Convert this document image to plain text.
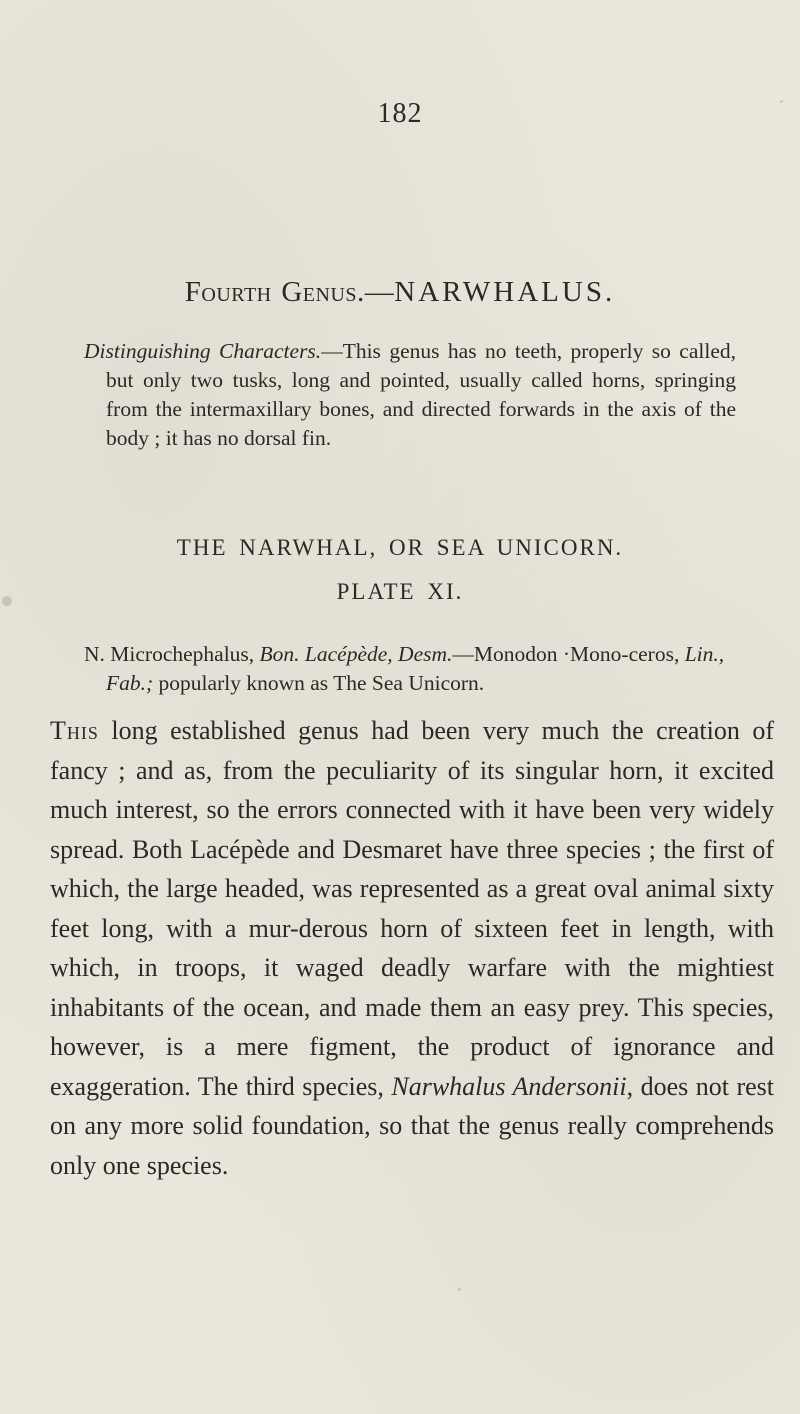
182
Fourth Genus.—NARWHALUS.
Distinguishing Characters.—This genus has no teeth, properly so called, but only two tusks, long and pointed, usually called horns, springing from the intermaxillary bones, and directed forwards in the axis of the body ; it has no dorsal fin.
THE NARWHAL, OR SEA UNICORN.
PLATE XI.
N. Microchephalus, Bon. Lacépède, Desm.—Monodon ·Mono-ceros, Lin., Fab.; popularly known as The Sea Unicorn.
This long established genus had been very much the creation of fancy ; and as, from the peculiarity of its singular horn, it excited much interest, so the errors connected with it have been very widely spread. Both Lacépède and Desmaret have three species ; the first of which, the large headed, was represented as a great oval animal sixty feet long, with a mur-derous horn of sixteen feet in length, with which, in troops, it waged deadly warfare with the mightiest inhabitants of the ocean, and made them an easy prey. This species, however, is a mere figment, the product of ignorance and exaggeration. The third species, Narwhalus Andersonii, does not rest on any more solid foundation, so that the genus really comprehends only one species.
